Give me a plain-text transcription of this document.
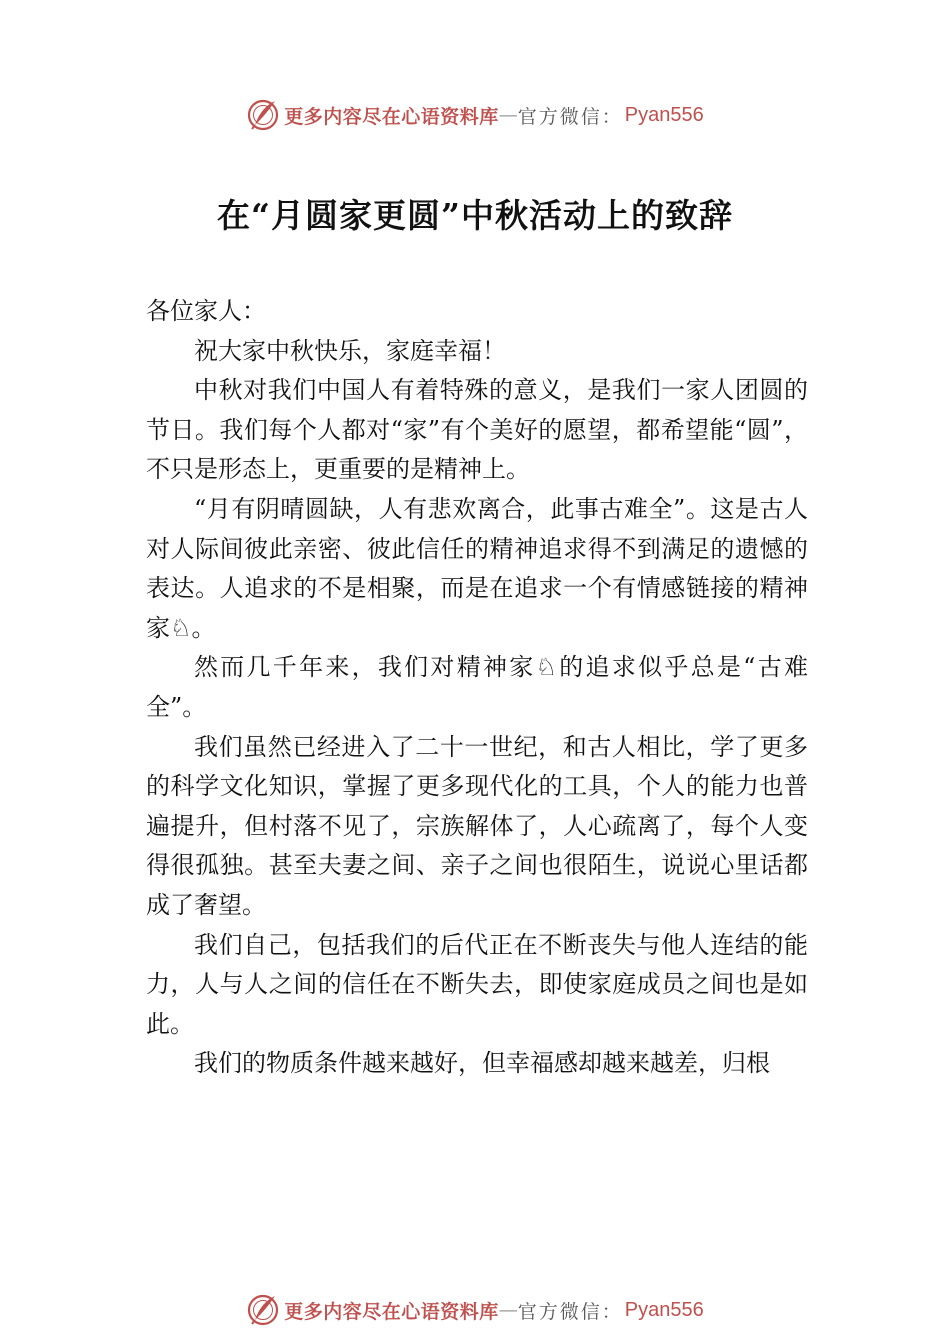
更多内容尽在心语资料库 — 官方微信： Pyan556
在“月圆家更圆”中秋活动上的致辞

各位家人：

祝大家中秋快乐，家庭幸福！

中秋对我们中国人有着特殊的意义，是我们一家人团圆的节日。我们每个人都对“家”有个美好的愿望，都希望能“圆”，不只是形态上，更重要的是精神上。

“月有阴晴圆缺，人有悲欢离合，此事古难全”。这是古人对人际间彼此亲密、彼此信任的精神追求得不到满足的遗憾的表达。人追求的不是相聚，而是在追求一个有情感链接的精神家♘。

然而几千年来，我们对精神家♘的追求似乎总是“古难全”。

我们虽然已经进入了二十一世纪，和古人相比，学了更多的科学文化知识，掌握了更多现代化的工具，个人的能力也普遍提升，但村落不见了，宗族解体了，人心疏离了，每个人变得很孤独。甚至夫妻之间、亲子之间也很陌生，说说心里话都成了奢望。

我们自己，包括我们的后代正在不断丧失与他人连结的能力，人与人之间的信任在不断失去，即使家庭成员之间也是如此。

我们的物质条件越来越好，但幸福感却越来越差，归根

更多内容尽在心语资料库 — 官方微信： Pyan556
